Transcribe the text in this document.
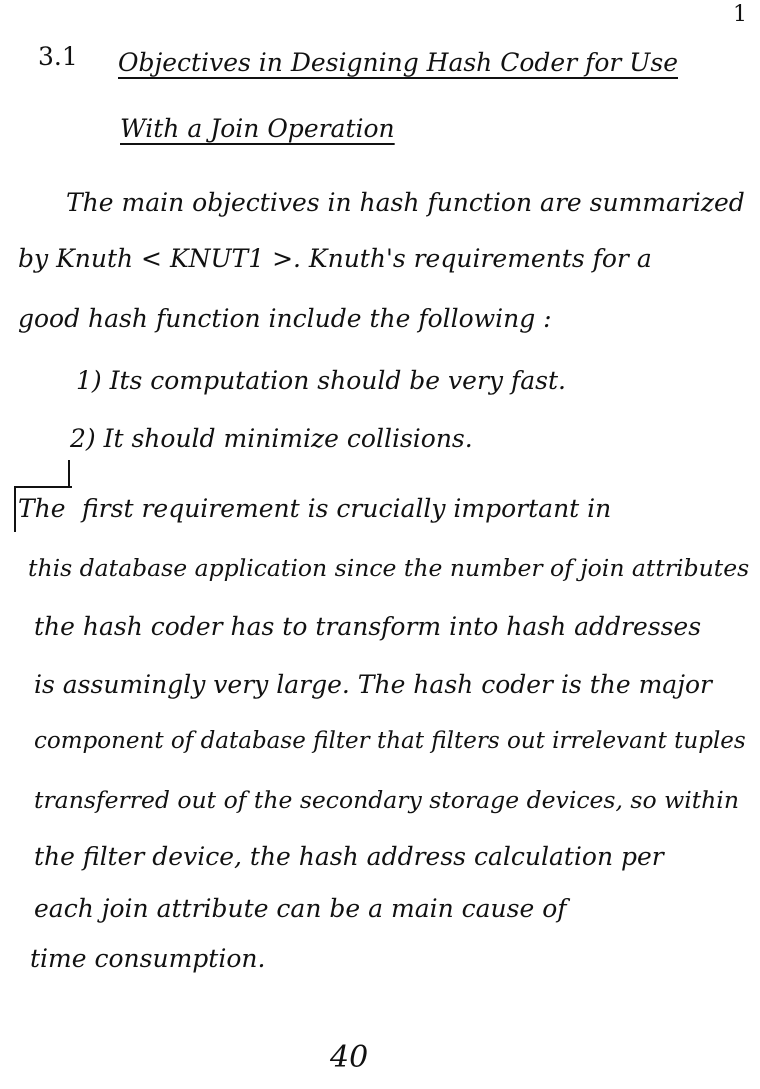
1
3.1 Objectives in Designing Hash Coder for Use
With a Join Operation
The main objectives in hash function are summarized
by Knuth < KNUT1 >. Knuth's requirements for a
good hash function include the following :
1) Its computation should be very fast.
2) It should minimize collisions.
The first requirement is crucially important in
this database application since the number of join attributes
the hash coder has to transform into hash addresses
is assumingly very large. The hash coder is the major
component of database filter that filters out irrelevant tuples
transferred out of the secondary storage devices, so within
the filter device, the hash address calculation per
each join attribute can be a main cause of
time consumption.
40
